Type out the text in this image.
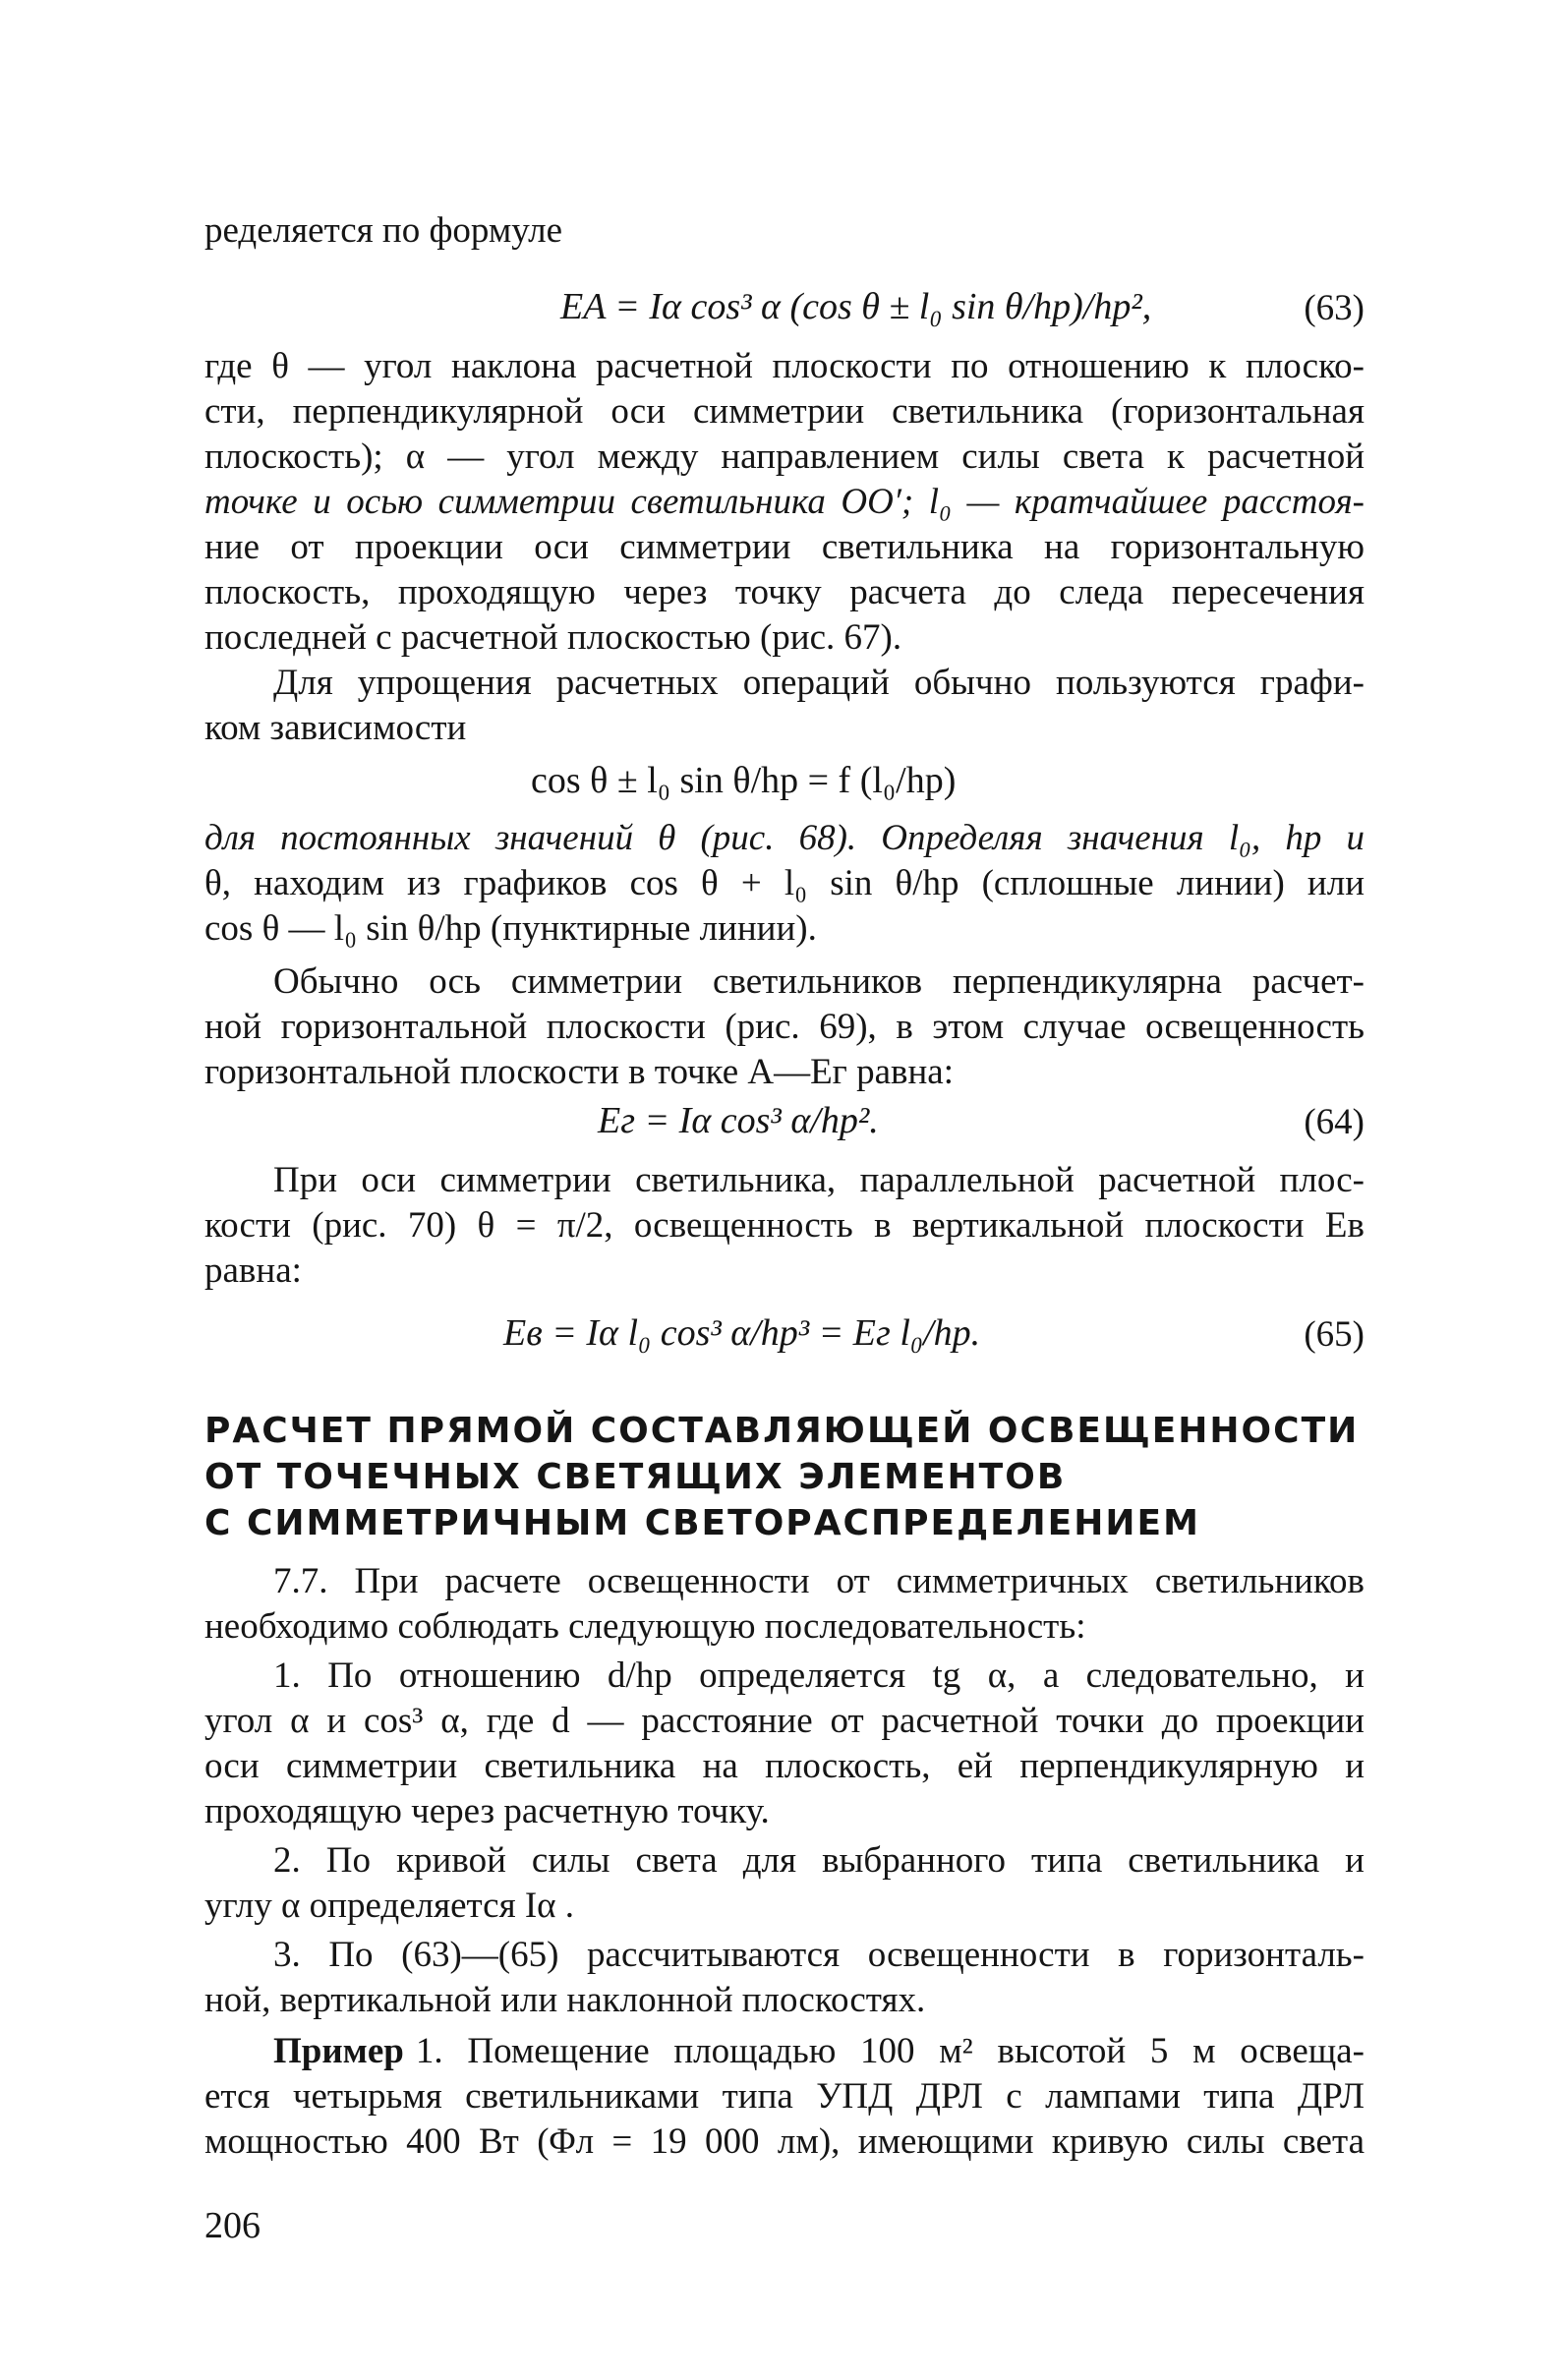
ределяется по формуле
EA = Iα cos³ α (cos θ ± l₀ sin θ/hр)/hр²,	(63)
где θ — угол наклона расчетной плоскости по отношению к плоско-
сти, перпендикулярной оси симметрии светильника (горизонтальная
плоскость); α — угол между направлением силы света к расчетной
точке и осью симметрии светильника OO′; l₀ — кратчайшее расстоя-
ние от проекции оси симметрии светильника на горизонтальную
плоскость, проходящую через точку расчета до следа пересечения
последней с расчетной плоскостью (рис. 67).
Для упрощения расчетных операций обычно пользуются графи-
ком зависимости
cos θ ± l₀ sin θ/hр = f (l₀/hр)
для постоянных значений θ (рис. 68). Определяя значения l₀, hр и
θ, находим из графиков cos θ + l₀ sin θ/hр (сплошные линии) или
cos θ — l₀ sin θ/hр (пунктирные линии).
Обычно ось симметрии светильников перпендикулярна расчет-
ной горизонтальной плоскости (рис. 69), в этом случае освещенность
горизонтальной плоскости в точке A—Eг равна:
Eг = Iα cos³ α/hр².	(64)
При оси симметрии светильника, параллельной расчетной плос-
кости (рис. 70) θ = π/2, освещенность в вертикальной плоскости Eв
равна:
Eв = Iα l₀ cos³ α/hр³ = Eг l₀/hр.	(65)
РАСЧЕТ ПРЯМОЙ СОСТАВЛЯЮЩЕЙ ОСВЕЩЕННОСТИ
ОТ ТОЧЕЧНЫХ СВЕТЯЩИХ ЭЛЕМЕНТОВ
С СИММЕТРИЧНЫМ СВЕТОРАСПРЕДЕЛЕНИЕМ
7.7. При расчете освещенности от симметричных светильников
необходимо соблюдать следующую последовательность:
1. По отношению d/hр определяется tg α, а следовательно, и
угол α и cos³ α, где d — расстояние от расчетной точки до проекции
оси симметрии светильника на плоскость, ей перпендикулярную и
проходящую через расчетную точку.
2. По кривой силы света для выбранного типа светильника и
углу α определяется Iα .
3. По (63)—(65) рассчитываются освещенности в горизонталь-
ной, вертикальной или наклонной плоскостях.
Пример 1. Помещение площадью 100 м² высотой 5 м освеща-
ется четырьмя светильниками типа УПД ДРЛ с лампами типа ДРЛ
мощностью 400 Вт (Φл = 19 000 лм), имеющими кривую силы света
206
